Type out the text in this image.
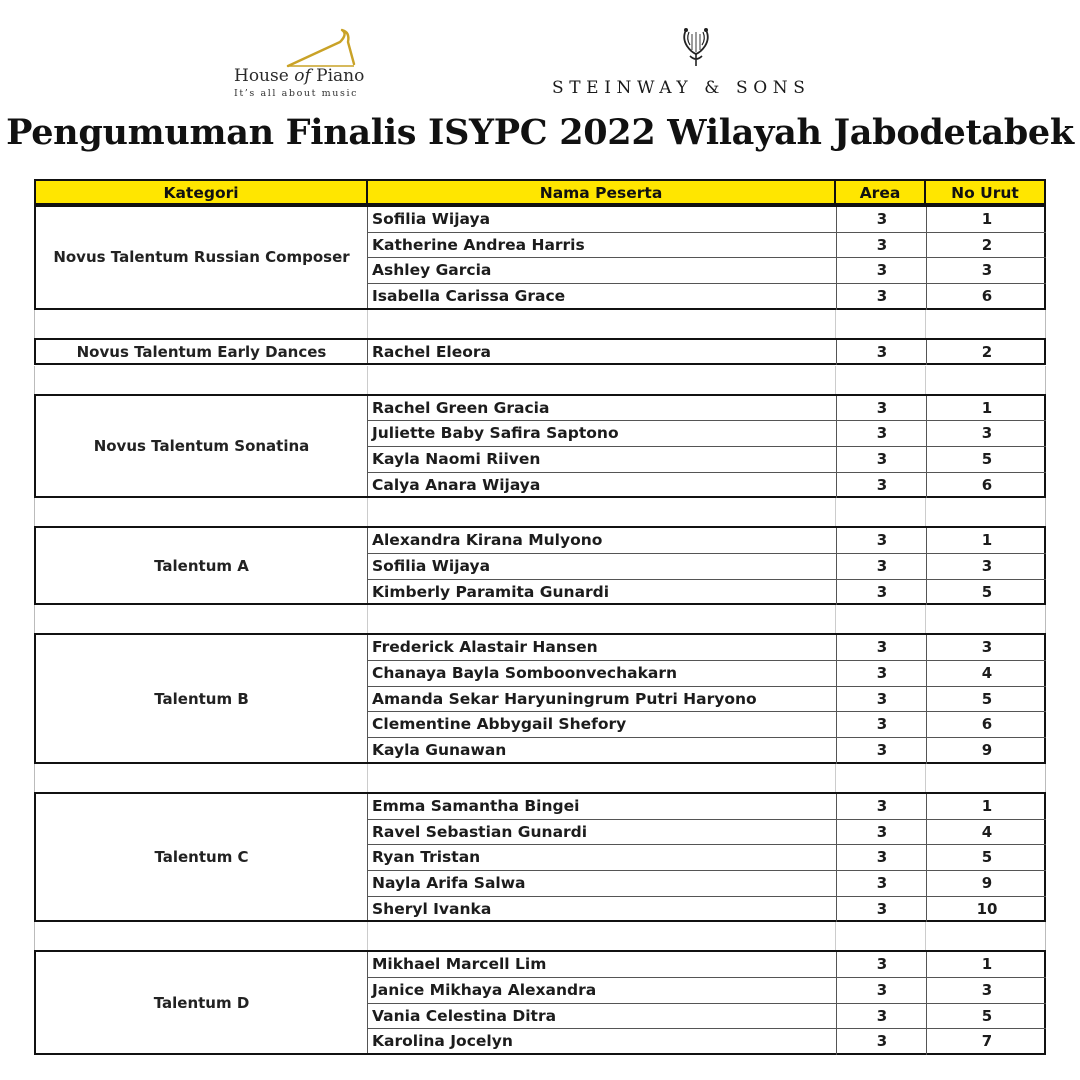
House of Piano
It’s all about music	STEINWAY & SONS
Pengumuman Finalis ISYPC 2022 Wilayah Jabodetabek
Kategori	Nama Peserta	Area	No Urut
Novus Talentum Russian Composer
Sofilia Wijaya	3	1
Katherine Andrea Harris	3	2
Ashley Garcia	3	3
Isabella Carissa Grace	3	6
Novus Talentum Early Dances	Rachel Eleora	3	2
Novus Talentum Sonatina
Rachel Green Gracia	3	1
Juliette Baby Safira Saptono	3	3
Kayla Naomi Riiven	3	5
Calya Anara Wijaya	3	6
Talentum A
Alexandra Kirana Mulyono	3	1
Sofilia Wijaya	3	3
Kimberly Paramita Gunardi	3	5
Talentum B
Frederick Alastair Hansen	3	3
Chanaya Bayla Somboonvechakarn	3	4
Amanda Sekar Haryuningrum Putri Haryono	3	5
Clementine Abbygail Shefory	3	6
Kayla Gunawan	3	9
Talentum C
Emma Samantha Bingei	3	1
Ravel Sebastian Gunardi	3	4
Ryan Tristan	3	5
Nayla Arifa Salwa	3	9
Sheryl Ivanka	3	10
Talentum D
Mikhael Marcell Lim	3	1
Janice Mikhaya Alexandra	3	3
Vania Celestina Ditra	3	5
Karolina Jocelyn	3	7
